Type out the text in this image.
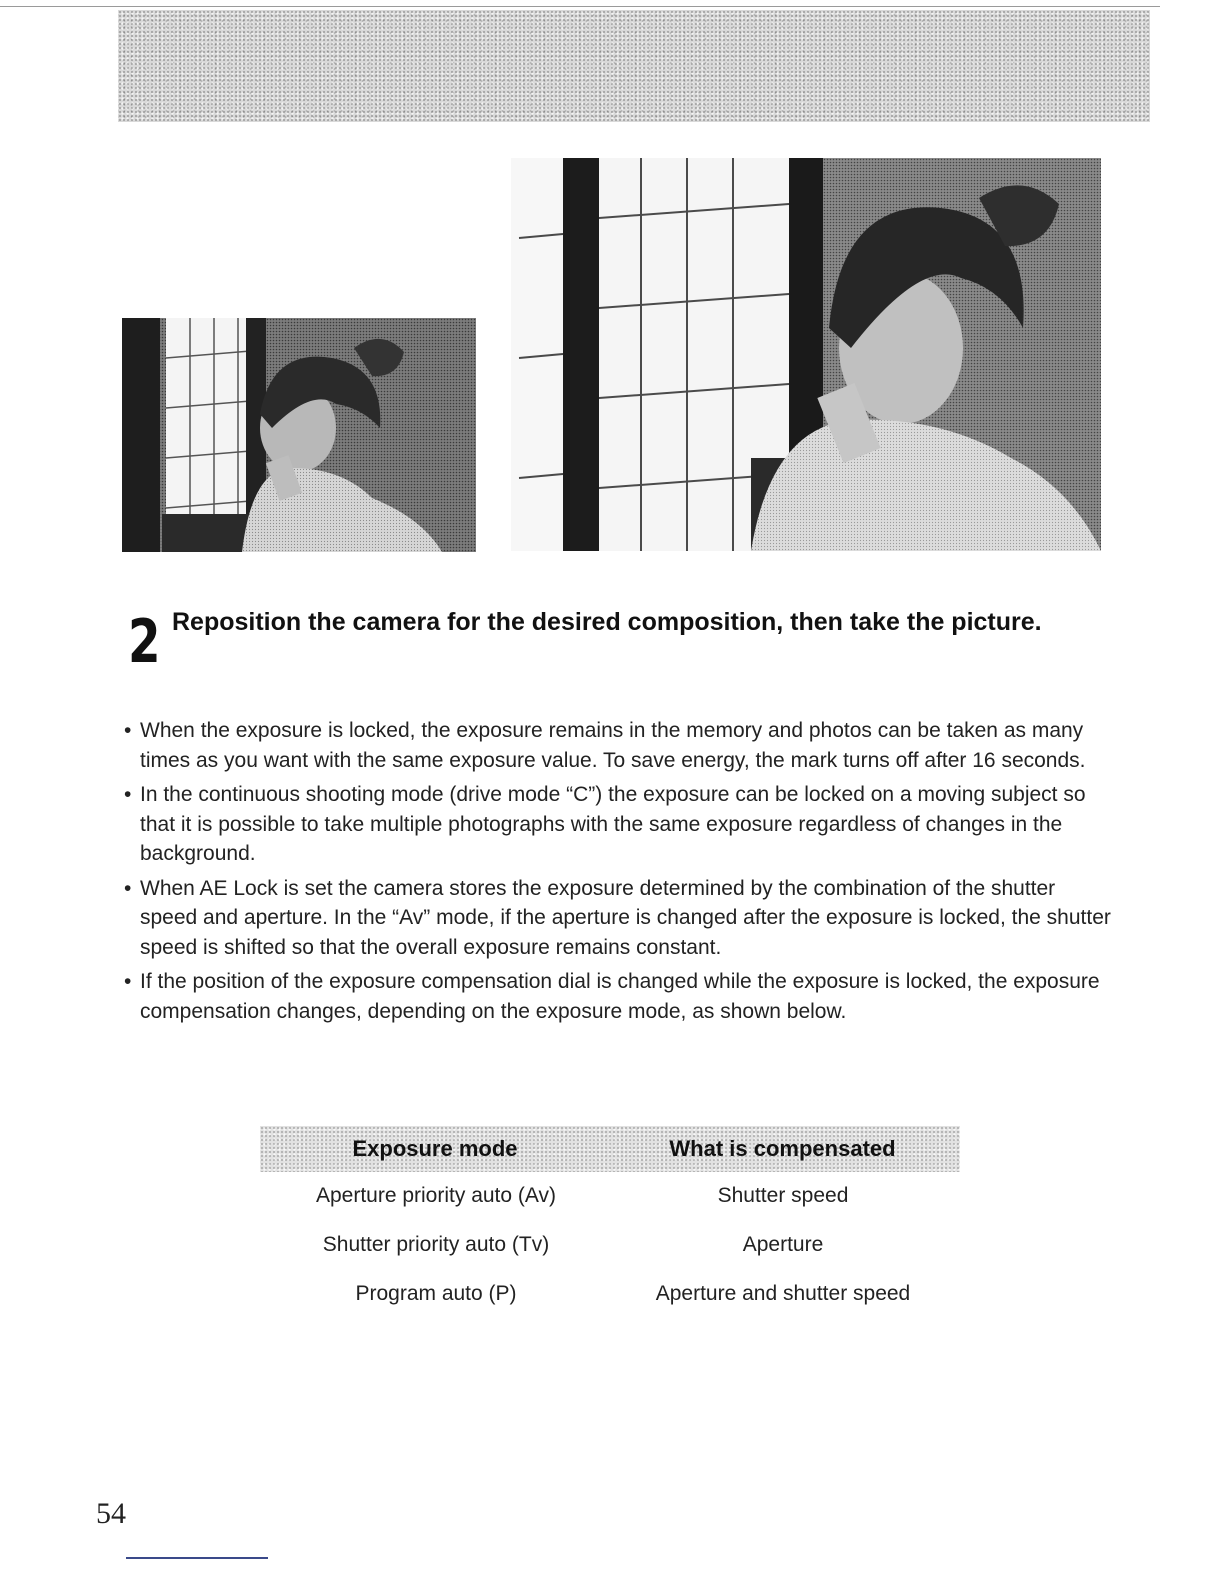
2 Reposition the camera for the desired composition, then take the picture.
• When the exposure is locked, the exposure remains in the memory and photos can be taken as many times as you want with the same exposure value. To save energy, the mark turns off after 16 seconds.
• In the continuous shooting mode (drive mode “C”) the exposure can be locked on a moving subject so that it is possible to take multiple photographs with the same exposure regardless of changes in the background.
• When AE Lock is set the camera stores the exposure determined by the combination of the shutter speed and aperture. In the “Av” mode, if the aperture is changed after the exposure is locked, the shutter speed is shifted so that the overall exposure remains constant.
• If the position of the exposure compensation dial is changed while the exposure is locked, the exposure compensation changes, depending on the exposure mode, as shown below.
Exposure mode	What is compensated
Aperture priority auto (Av)	Shutter speed
Shutter priority auto (Tv)	Aperture
Program auto (P)	Aperture and shutter speed
54
